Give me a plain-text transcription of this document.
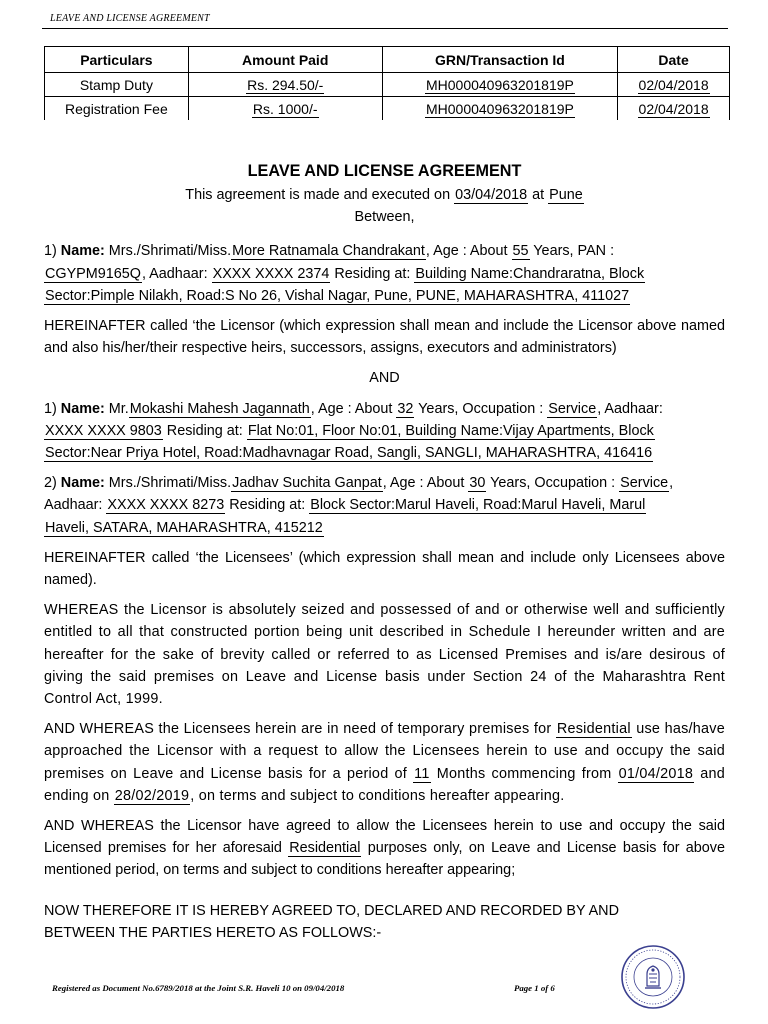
LEAVE AND LICENSE AGREEMENT
Particulars	Amount Paid	GRN/Transaction Id	Date
Stamp Duty	Rs. 294.50/-	MH000040963201819P	02/04/2018
Registration Fee	Rs. 1000/-	MH000040963201819P	02/04/2018
LEAVE AND LICENSE AGREEMENT

This agreement is made and executed on 03/04/2018 at Pune

Between,

1) Name: Mrs./Shrimati/Miss.More Ratnamala Chandrakant, Age : About 55 Years, PAN :
CGYPM9165Q, Aadhaar: XXXX XXXX 2374 Residing at: Building Name:Chandraratna, Block
Sector:Pimple Nilakh, Road:S No 26, Vishal Nagar, Pune, PUNE, MAHARASHTRA, 411027

HEREINAFTER called ‘the Licensor (which expression shall mean and include the Licensor above named and also his/her/their respective heirs, successors, assigns, executors and administrators)

AND

1) Name: Mr.Mokashi Mahesh Jagannath, Age : About 32 Years, Occupation : Service, Aadhaar:
XXXX XXXX 9803 Residing at: Flat No:01, Floor No:01, Building Name:Vijay Apartments, Block
Sector:Near Priya Hotel, Road:Madhavnagar Road, Sangli, SANGLI, MAHARASHTRA, 416416

2) Name: Mrs./Shrimati/Miss.Jadhav Suchita Ganpat, Age : About 30 Years, Occupation : Service,
Aadhaar: XXXX XXXX 8273 Residing at: Block Sector:Marul Haveli, Road:Marul Haveli, Marul
Haveli, SATARA, MAHARASHTRA, 415212

HEREINAFTER called ‘the Licensees’ (which expression shall mean and include only Licensees above named).

WHEREAS the Licensor is absolutely seized and possessed of and or otherwise well and sufficiently entitled to all that constructed portion being unit described in Schedule I hereunder written and are hereafter for the sake of brevity called or referred to as Licensed Premises and is/are desirous of giving the said premises on Leave and License basis under Section 24 of the Maharashtra Rent Control Act, 1999.

AND WHEREAS the Licensees herein are in need of temporary premises for Residential use has/have approached the Licensor with a request to allow the Licensees herein to use and occupy the said premises on Leave and License basis for a period of 11 Months commencing from 01/04/2018 and ending on 28/02/2019, on terms and subject to conditions hereafter appearing.

AND WHEREAS the Licensor have agreed to allow the Licensees herein to use and occupy the said Licensed premises for her aforesaid Residential purposes only, on Leave and License basis for above mentioned period, on terms and subject to conditions hereafter appearing;

NOW THEREFORE IT IS HEREBY AGREED TO, DECLARED AND RECORDED BY AND BETWEEN THE PARTIES HERETO AS FOLLOWS:-

Registered as Document No.6789/2018 at the Joint S.R. Haveli 10 on 09/04/2018	Page 1 of 6
